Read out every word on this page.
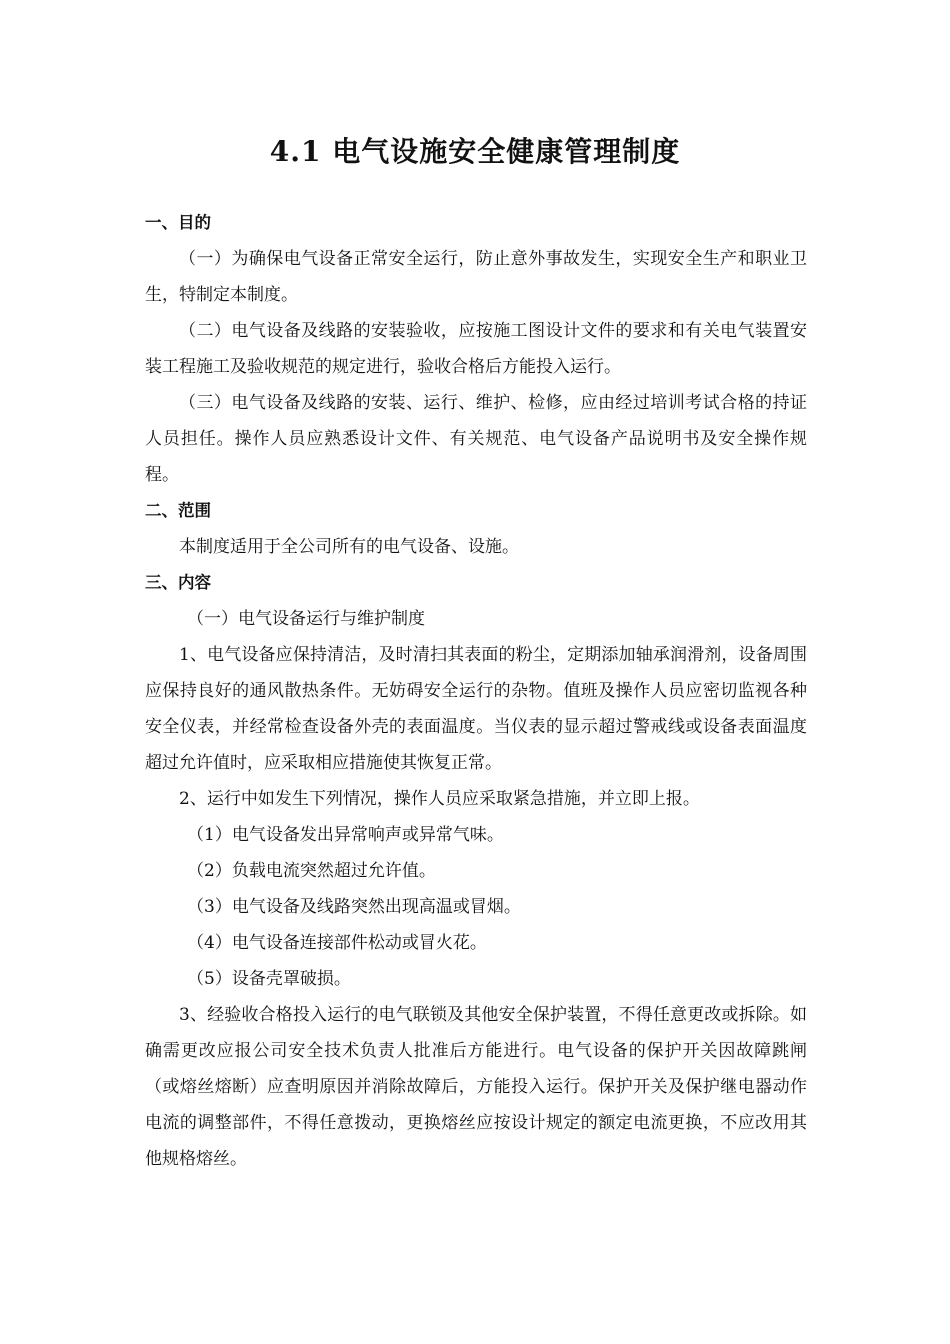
4.1 电气设施安全健康管理制度

一、目的

（一）为确保电气设备正常安全运行，防止意外事故发生，实现安全生产和职业卫生，特制定本制度。

（二）电气设备及线路的安装验收，应按施工图设计文件的要求和有关电气装置安装工程施工及验收规范的规定进行，验收合格后方能投入运行。

（三）电气设备及线路的安装、运行、维护、检修，应由经过培训考试合格的持证人员担任。操作人员应熟悉设计文件、有关规范、电气设备产品说明书及安全操作规程。

二、范围

本制度适用于全公司所有的电气设备、设施。

三、内容

（一）电气设备运行与维护制度

1、电气设备应保持清洁，及时清扫其表面的粉尘，定期添加轴承润滑剂，设备周围应保持良好的通风散热条件。无妨碍安全运行的杂物。值班及操作人员应密切监视各种安全仪表，并经常检查设备外壳的表面温度。当仪表的显示超过警戒线或设备表面温度超过允许值时，应采取相应措施使其恢复正常。

2、运行中如发生下列情况，操作人员应采取紧急措施，并立即上报。

（1）电气设备发出异常响声或异常气味。

（2）负载电流突然超过允许值。

（3）电气设备及线路突然出现高温或冒烟。

（4）电气设备连接部件松动或冒火花。

（5）设备壳罩破损。

3、经验收合格投入运行的电气联锁及其他安全保护装置，不得任意更改或拆除。如确需更改应报公司安全技术负责人批准后方能进行。电气设备的保护开关因故障跳闸（或熔丝熔断）应查明原因并消除故障后，方能投入运行。保护开关及保护继电器动作电流的调整部件，不得任意拨动，更换熔丝应按设计规定的额定电流更换，不应改用其他规格熔丝。
